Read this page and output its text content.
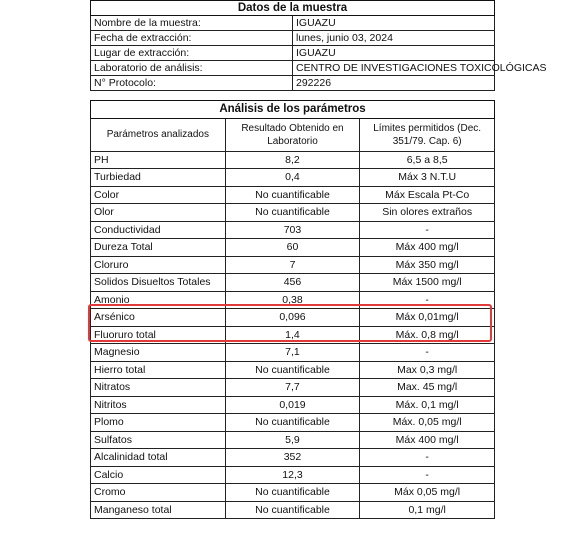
Datos de la muestra	
Nombre de la muestra:	IGUAZU
Fecha de extracción:	lunes, junio 03, 2024
Lugar de extracción:	IGUAZU
Laboratorio de análisis:	CENTRO DE INVESTIGACIONES TOXICOLÓGICAS
N° Protocolo:	292226
Análisis de los parámetros		
Parámetros analizados	Resultado Obtenido en Laboratorio	Límites permitidos (Dec. 351/79. Cap. 6)
PH	8,2	6,5 a 8,5
Turbiedad	0,4	Máx 3 N.T.U
Color	No cuantificable	Máx Escala Pt-Co
Olor	No cuantificable	Sin olores extraños
Conductividad	703	-
Dureza Total	60	Máx 400 mg/l
Cloruro	7	Máx 350 mg/l
Solidos Disueltos Totales	456	Máx 1500 mg/l
Amonio	0,38	-
Arsénico	0,096	Máx 0,01mg/l
Fluoruro total	1,4	Máx. 0,8 mg/l
Magnesio	7,1	-
Hierro total	No cuantificable	Max 0,3 mg/l
Nitratos	7,7	Max. 45 mg/l
Nitritos	0,019	Máx. 0,1 mg/l
Plomo	No cuantificable	Máx. 0,05 mg/l
Sulfatos	5,9	Máx 400 mg/l
Alcalinidad total	352	-
Calcio	12,3	-
Cromo	No cuantificable	Máx 0,05 mg/l
Manganeso total	No cuantificable	0,1 mg/l
